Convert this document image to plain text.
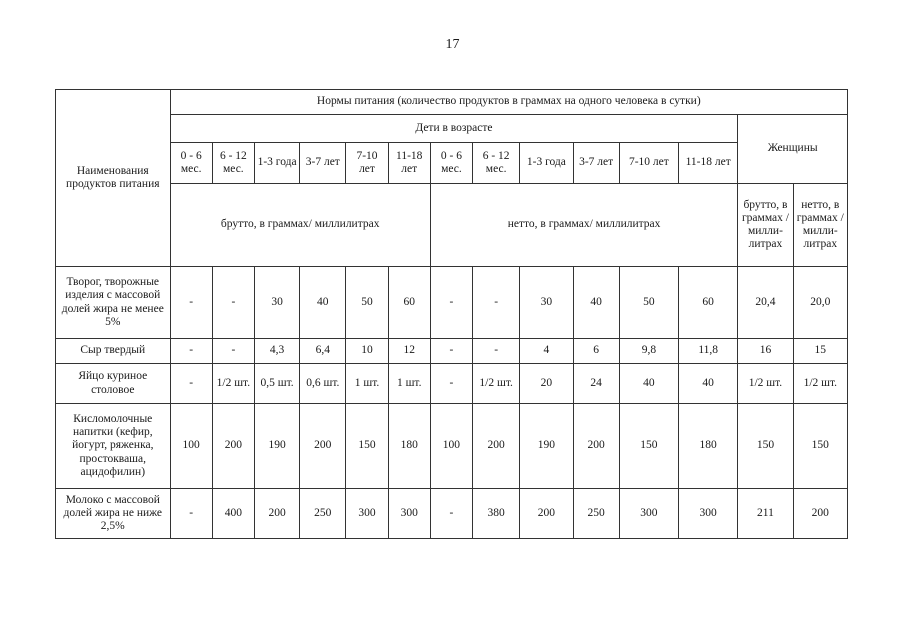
17
Наименования продуктов питания	Нормы питания (количество продуктов в граммах на одного человека в сутки)													
	Дети в возрасте												Женщины	
	0 - 6 мес.	6 - 12 мес.	1-3 года	3-7 лет	7-10 лет	11-18 лет	0 - 6 мес.	6 - 12 мес.	1-3 года	3-7 лет	7-10 лет	11-18 лет		
	брутто, в граммах/ миллилитрах						нетто, в граммах/ миллилитрах						брутто, в граммах / милли-литрах	нетто, в граммах / милли-литрах
Творог, творожные изделия с массовой долей жира не менее 5%	-	-	30	40	50	60	-	-	30	40	50	60	20,4	20,0
Сыр твердый	-	-	4,3	6,4	10	12	-	-	4	6	9,8	11,8	16	15
Яйцо куриное столовое	-	1/2 шт.	0,5 шт.	0,6 шт.	1 шт.	1 шт.	-	1/2 шт.	20	24	40	40	1/2 шт.	1/2 шт.
Кисломолочные напитки (кефир, йогурт, ряженка, простокваша, ацидофилин)	100	200	190	200	150	180	100	200	190	200	150	180	150	150
Молоко с массовой долей жира не ниже 2,5%	-	400	200	250	300	300	-	380	200	250	300	300	211	200
